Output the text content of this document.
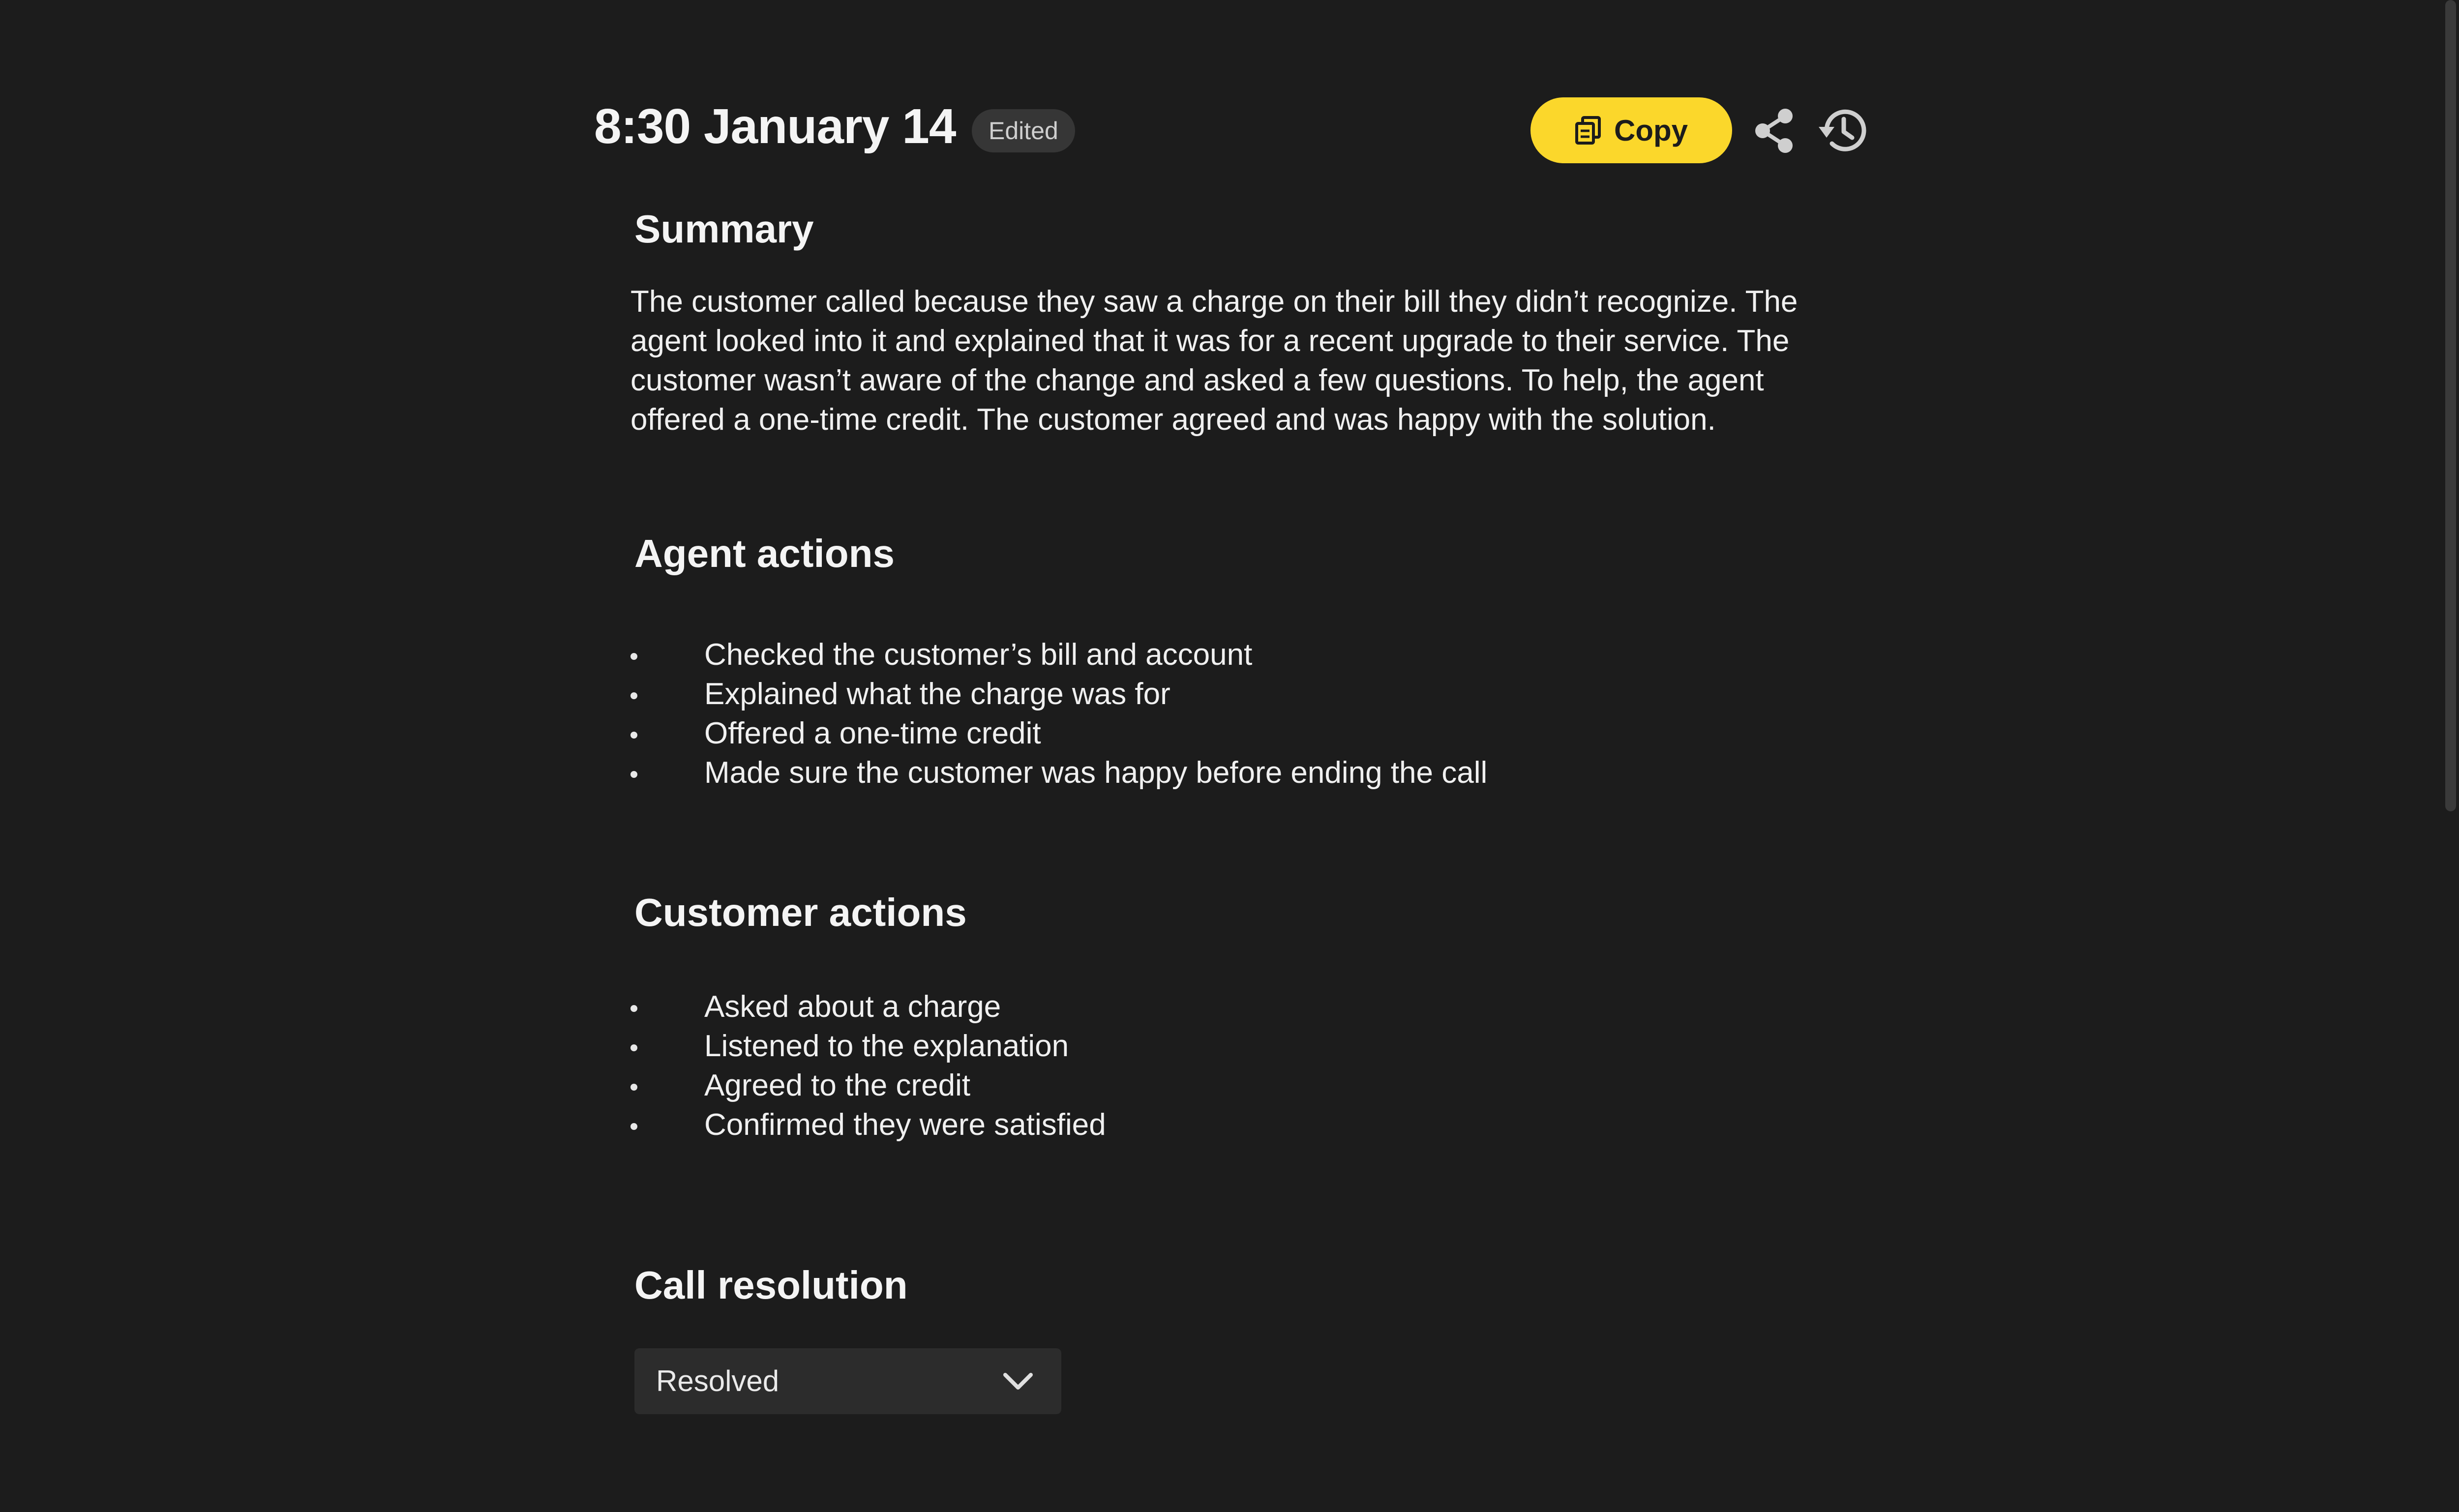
8:30 January 14	Edited	Copy
Summary
The customer called because they saw a charge on their bill they didn’t recognize. The agent looked into it and explained that it was for a recent upgrade to their service. The customer wasn’t aware of the change and asked a few questions. To help, the agent offered a one-time credit. The customer agreed and was happy with the solution.
Agent actions
Checked the customer’s bill and account
Explained what the charge was for
Offered a one-time credit
Made sure the customer was happy before ending the call
Customer actions
Asked about a charge
Listened to the explanation
Agreed to the credit
Confirmed they were satisfied
Call resolution
Resolved
